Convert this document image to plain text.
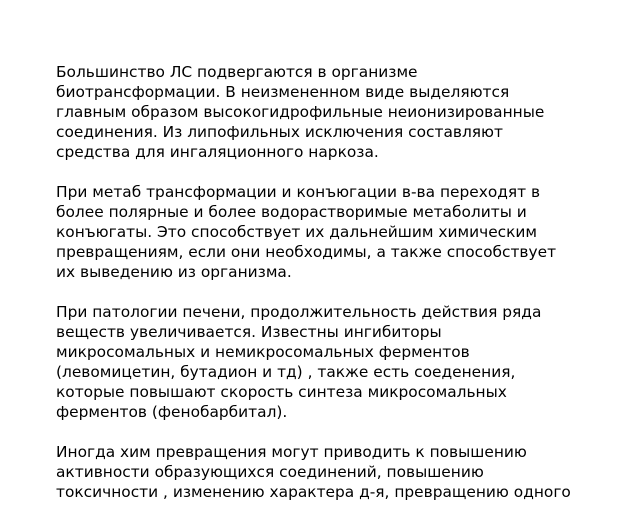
Большинство ЛС подвергаются в организме
биотрансформации. В неизмененном виде выделяются
главным образом высокогидрофильные неионизированные
соединения. Из липофильных исключения составляют
средства для ингаляционного наркоза.

При метаб трансформации и конъюгации в-ва переходят в
более полярные и более водорастворимые метаболиты и
конъюгаты. Это способствует их дальнейшим химическим
превращениям, если они необходимы, а также способствует
их выведению из организма.

При патологии печени, продолжительность действия ряда
веществ увеличивается. Известны ингибиторы
микросомальных и немикросомальных ферментов
(левомицетин, бутадион и тд) , также есть соеденения,
которые повышают скорость синтеза микросомальных
ферментов (фенобарбитал).

Иногда хим превращения могут приводить к повышению
активности образующихся соединений, повышению
токсичности , изменению характера д-я, превращению одного
